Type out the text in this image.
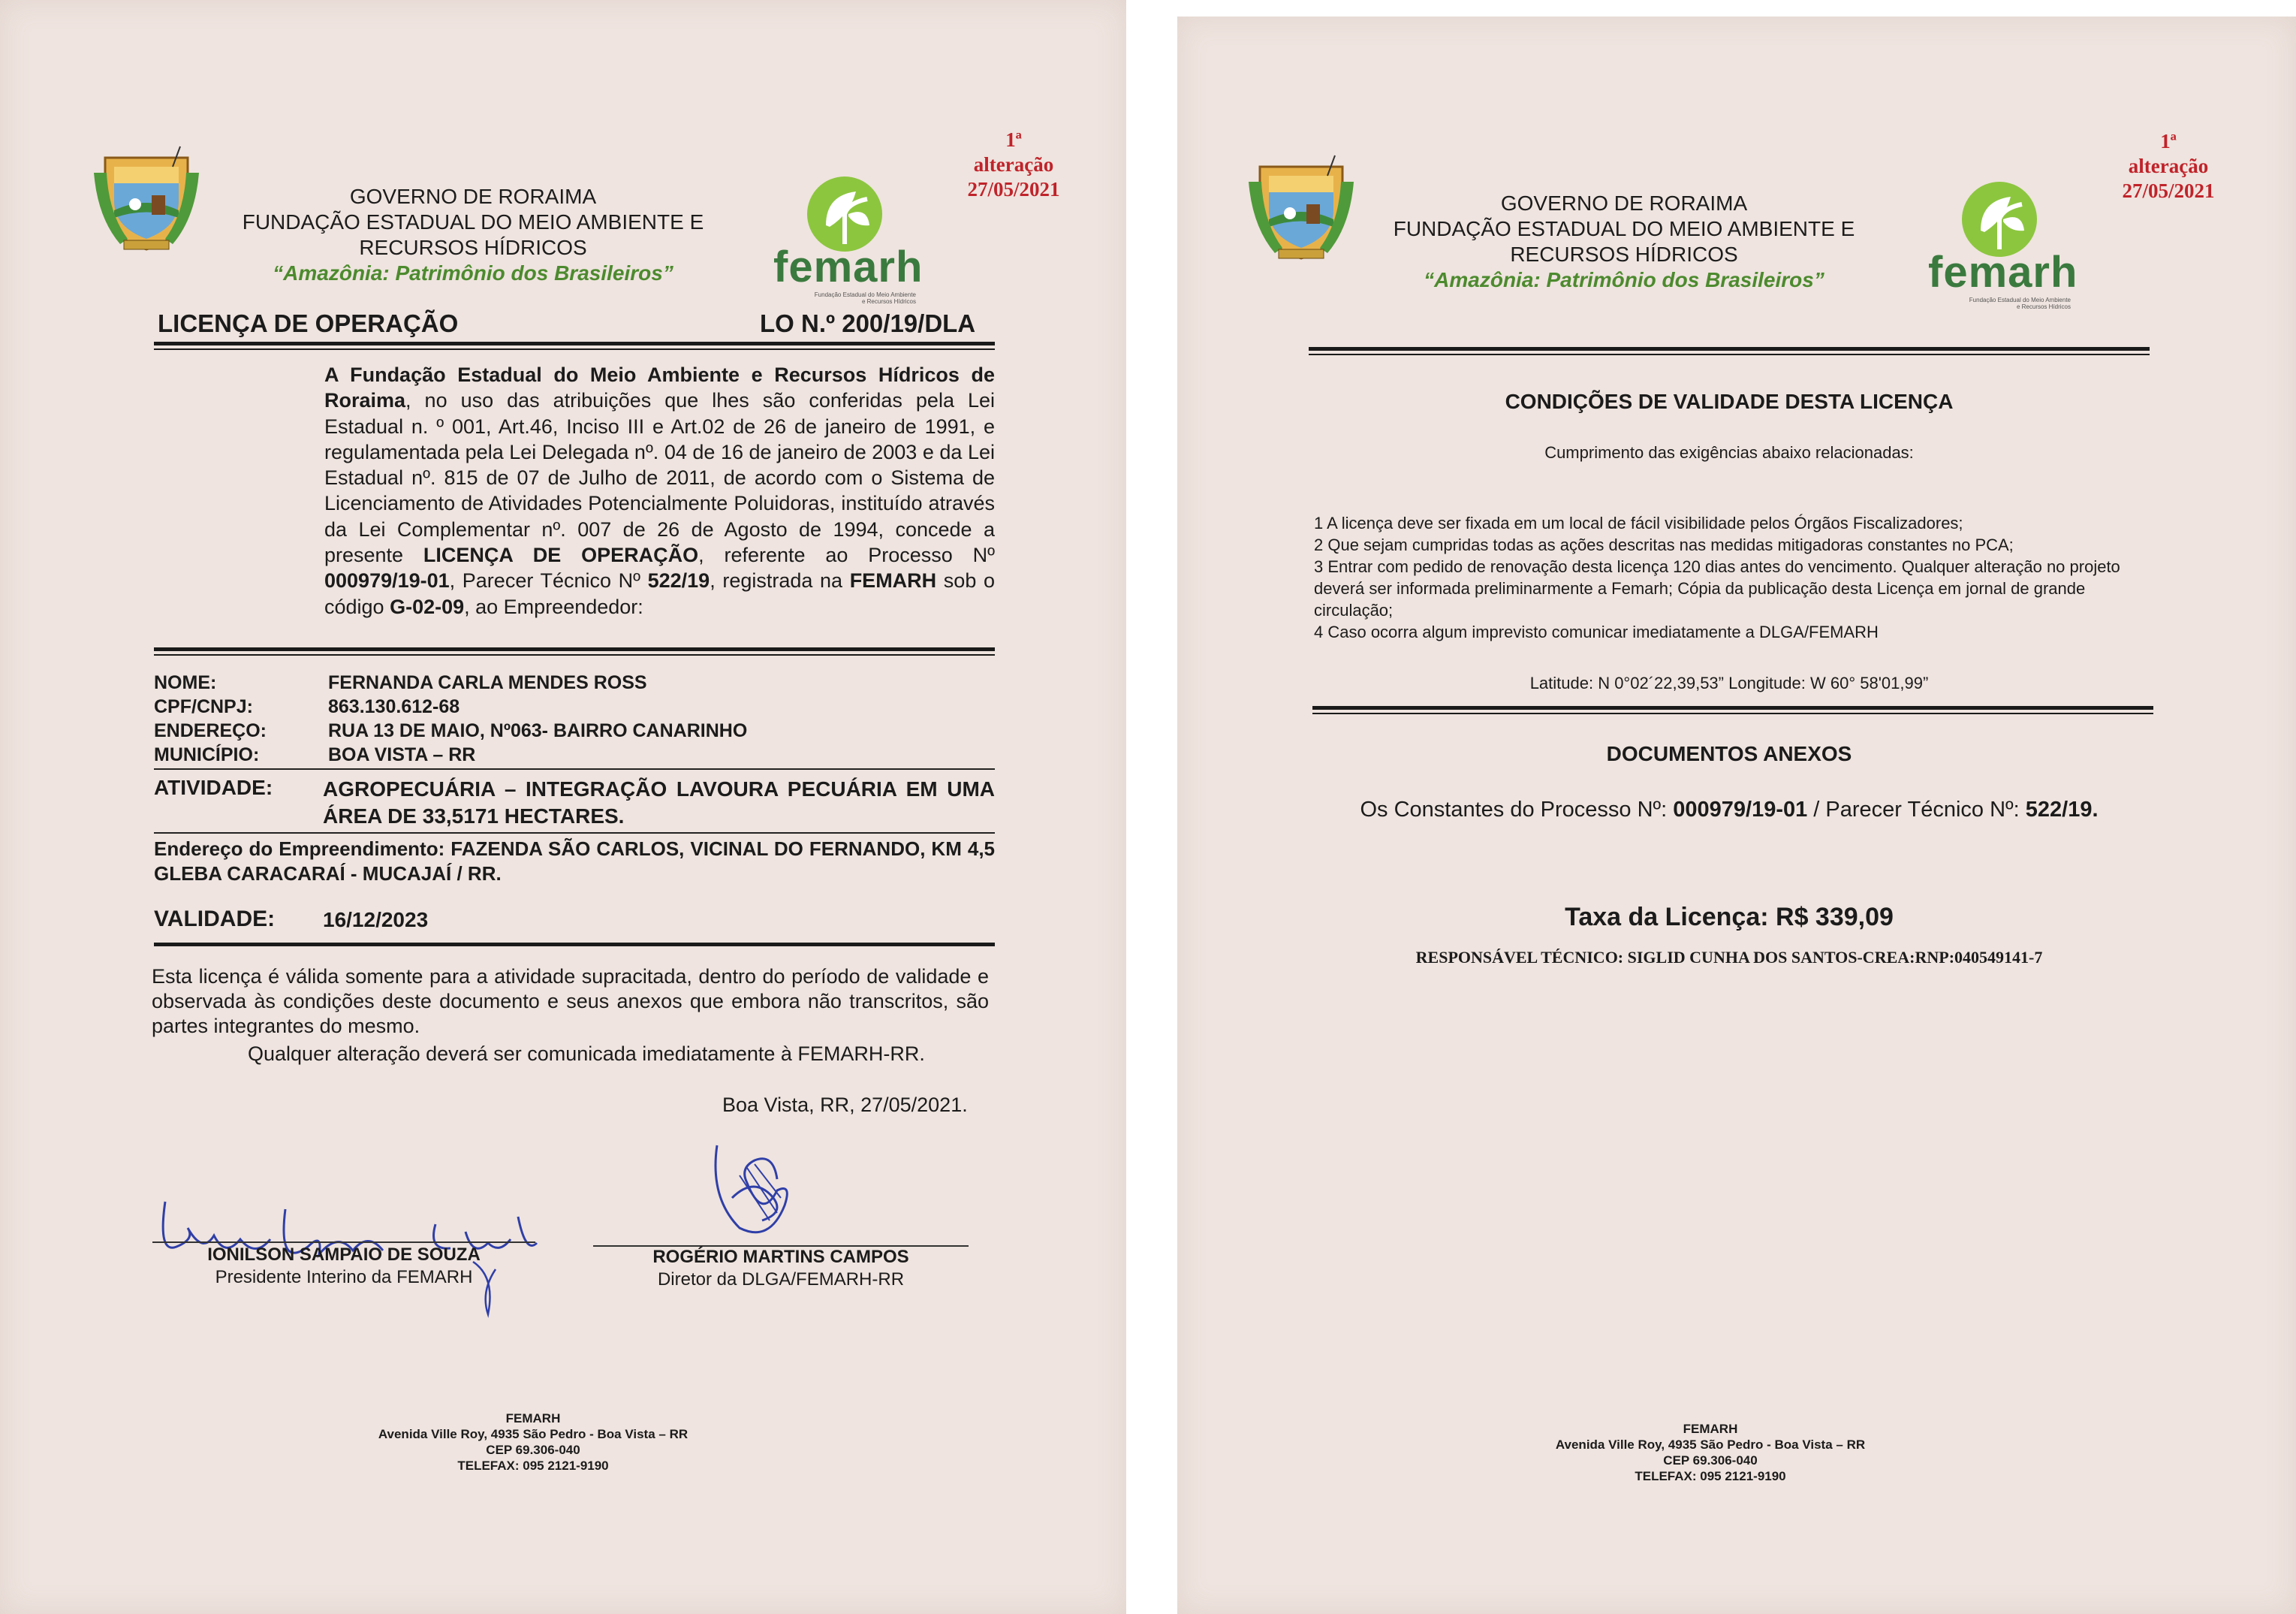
GOVERNO DE RORAIMA
FUNDAÇÃO ESTADUAL DO MEIO AMBIENTE E
RECURSOS HÍDRICOS
“Amazônia: Patrimônio dos Brasileiros”	femarh
Fundação Estadual do Meio Ambiente
e Recursos Hídricos
1ª
alteração
27/05/2021
LICENÇA DE OPERAÇÃO	LO N.º 200/19/DLA
A Fundação Estadual do Meio Ambiente e Recursos Hídricos de Roraima, no uso das atribuições que lhes são conferidas pela Lei Estadual n. º 001, Art.46, Inciso III e Art.02 de 26 de janeiro de 1991, e regulamentada pela Lei Delegada nº. 04 de 16 de janeiro de 2003 e da Lei Estadual nº. 815 de 07 de Julho de 2011, de acordo com o Sistema de Licenciamento de Atividades Potencialmente Poluidoras, instituído através da Lei Complementar nº. 007 de 26 de Agosto de 1994, concede a presente LICENÇA DE OPERAÇÃO, referente ao Processo Nº 000979/19-01, Parecer Técnico Nº 522/19, registrada na FEMARH sob o código G-02-09, ao Empreendedor:
NOME:	FERNANDA CARLA MENDES ROSS
CPF/CNPJ:	863.130.612-68
ENDEREÇO:	RUA 13 DE MAIO, Nº063- BAIRRO CANARINHO
MUNICÍPIO:	BOA VISTA – RR
ATIVIDADE: AGROPECUÁRIA – INTEGRAÇÃO LAVOURA PECUÁRIA EM UMA ÁREA DE 33,5171 HECTARES.
Endereço do Empreendimento: FAZENDA SÃO CARLOS, VICINAL DO FERNANDO, KM 4,5 GLEBA CARACARAÍ - MUCAJAÍ / RR.
VALIDADE: 16/12/2023
Esta licença é válida somente para a atividade supracitada, dentro do período de validade e observada às condições deste documento e seus anexos que embora não transcritos, são partes integrantes do mesmo.
Qualquer alteração deverá ser comunicada imediatamente à FEMARH-RR.
Boa Vista, RR, 27/05/2021.
IONILSON SAMPAIO DE SOUZA
Presidente Interino da FEMARH
ROGÉRIO MARTINS CAMPOS
Diretor da DLGA/FEMARH-RR
FEMARH
Avenida Ville Roy, 4935 São Pedro - Boa Vista – RR
CEP 69.306-040
TELEFAX: 095 2121-9190
GOVERNO DE RORAIMA
FUNDAÇÃO ESTADUAL DO MEIO AMBIENTE E
RECURSOS HÍDRICOS
“Amazônia: Patrimônio dos Brasileiros”	femarh
Fundação Estadual do Meio Ambiente
e Recursos Hídricos
1ª
alteração
27/05/2021
CONDIÇÕES DE VALIDADE DESTA LICENÇA
Cumprimento das exigências abaixo relacionadas:
1 A licença deve ser fixada em um local de fácil visibilidade pelos Órgãos Fiscalizadores;
2 Que sejam cumpridas todas as ações descritas nas medidas mitigadoras constantes no PCA;
3 Entrar com pedido de renovação desta licença 120 dias antes do vencimento. Qualquer alteração no projeto deverá ser informada preliminarmente a Femarh; Cópia da publicação desta Licença em jornal de grande circulação;
4 Caso ocorra algum imprevisto comunicar imediatamente a DLGA/FEMARH
Latitude: N 0°02´22,39,53” Longitude: W 60° 58'01,99”
DOCUMENTOS ANEXOS
Os Constantes do Processo Nº: 000979/19-01 / Parecer Técnico Nº: 522/19.
Taxa da Licença: R$ 339,09
RESPONSÁVEL TÉCNICO: SIGLID CUNHA DOS SANTOS-CREA:RNP:040549141-7
FEMARH
Avenida Ville Roy, 4935 São Pedro - Boa Vista – RR
CEP 69.306-040
TELEFAX: 095 2121-9190
